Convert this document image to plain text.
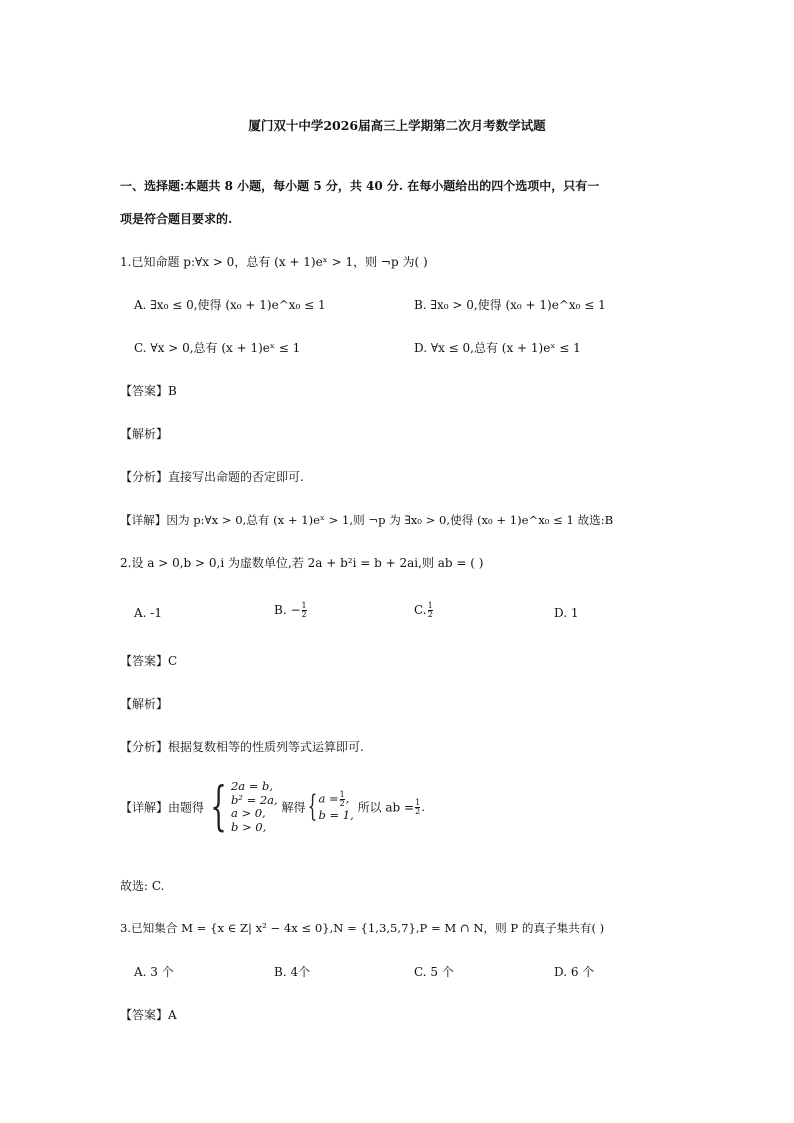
厦门双十中学2026届高三上学期第二次月考数学试题
一、选择题:本题共 8 小题，每小题 5 分，共 40 分. 在每小题给出的四个选项中，只有一
项是符合题目要求的.
1.已知命题 p:∀x > 0，总有 (x + 1)eˣ > 1，则 ¬p 为( )
A. ∃x₀ ≤ 0,使得 (x₀ + 1)e^x₀ ≤ 1	B. ∃x₀ > 0,使得 (x₀ + 1)e^x₀ ≤ 1
C. ∀x > 0,总有 (x + 1)eˣ ≤ 1	D. ∀x ≤ 0,总有 (x + 1)eˣ ≤ 1
【答案】B
【解析】
【分析】直接写出命题的否定即可.
【详解】因为 p:∀x > 0,总有 (x + 1)eˣ > 1,则 ¬p 为 ∃x₀ > 0,使得 (x₀ + 1)e^x₀ ≤ 1 故选:B
2.设 a > 0,b > 0,i 为虚数单位,若 2a + b²i = b + 2ai,则 ab = ( )
A. -1	B. − $\frac{1}{2}$	C. $\frac{1}{2}$	D. 1
【答案】C
【解析】
【分析】根据复数相等的性质列等式运算即可.
【详解】由题得 { 2a = b,
b² = 2a,
a > 0,
b > 0,
解得 { $a = \frac{1}{2}$ ,
b = 1,
所以 ab = $\frac{1}{2}$ .
故选: C.
3.已知集合 M = {x ∈ Z| x² − 4x ≤ 0},N = {1,3,5,7},P = M ∩ N，则 P 的真子集共有( )
A. 3 个	B. 4个	C. 5 个	D. 6 个
【答案】A
